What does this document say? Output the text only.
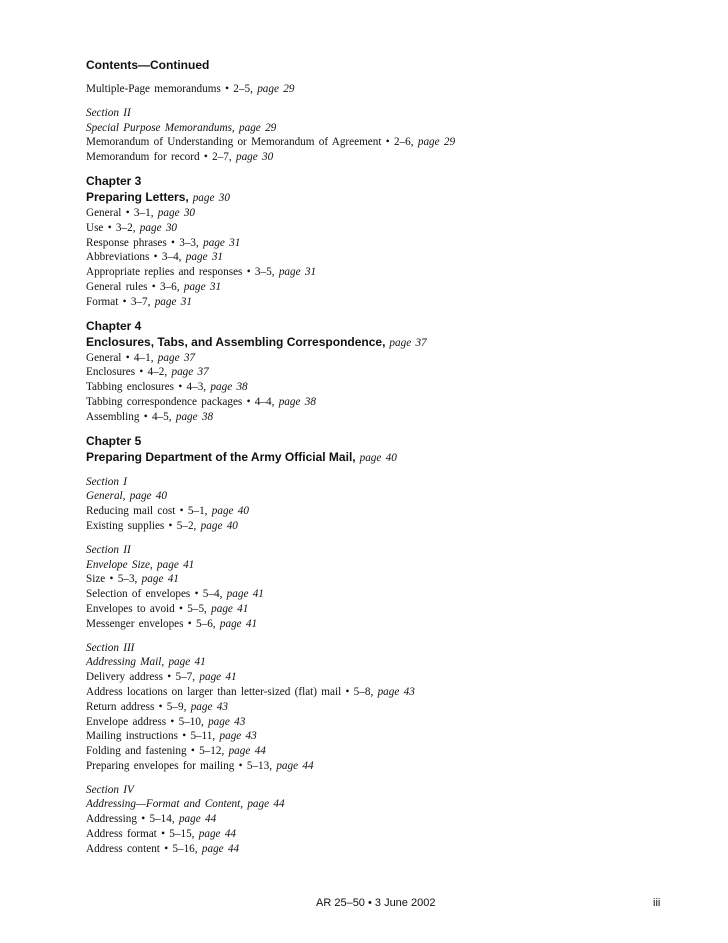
Contents—Continued
Multiple-Page memorandums • 2–5, page 29
Section II
Special Purpose Memorandums, page 29
Memorandum of Understanding or Memorandum of Agreement • 2–6, page 29
Memorandum for record • 2–7, page 30
Chapter 3
Preparing Letters, page 30
General • 3–1, page 30
Use • 3–2, page 30
Response phrases • 3–3, page 31
Abbreviations • 3–4, page 31
Appropriate replies and responses • 3–5, page 31
General rules • 3–6, page 31
Format • 3–7, page 31
Chapter 4
Enclosures, Tabs, and Assembling Correspondence, page 37
General • 4–1, page 37
Enclosures • 4–2, page 37
Tabbing enclosures • 4–3, page 38
Tabbing correspondence packages • 4–4, page 38
Assembling • 4–5, page 38
Chapter 5
Preparing Department of the Army Official Mail, page 40
Section I
General, page 40
Reducing mail cost • 5–1, page 40
Existing supplies • 5–2, page 40
Section II
Envelope Size, page 41
Size • 5–3, page 41
Selection of envelopes • 5–4, page 41
Envelopes to avoid • 5–5, page 41
Messenger envelopes • 5–6, page 41
Section III
Addressing Mail, page 41
Delivery address • 5–7, page 41
Address locations on larger than letter-sized (flat) mail • 5–8, page 43
Return address • 5–9, page 43
Envelope address • 5–10, page 43
Mailing instructions • 5–11, page 43
Folding and fastening • 5–12, page 44
Preparing envelopes for mailing • 5–13, page 44
Section IV
Addressing—Format and Content, page 44
Addressing • 5–14, page 44
Address format • 5–15, page 44
Address content • 5–16, page 44
AR 25–50 • 3 June 2002	iii
